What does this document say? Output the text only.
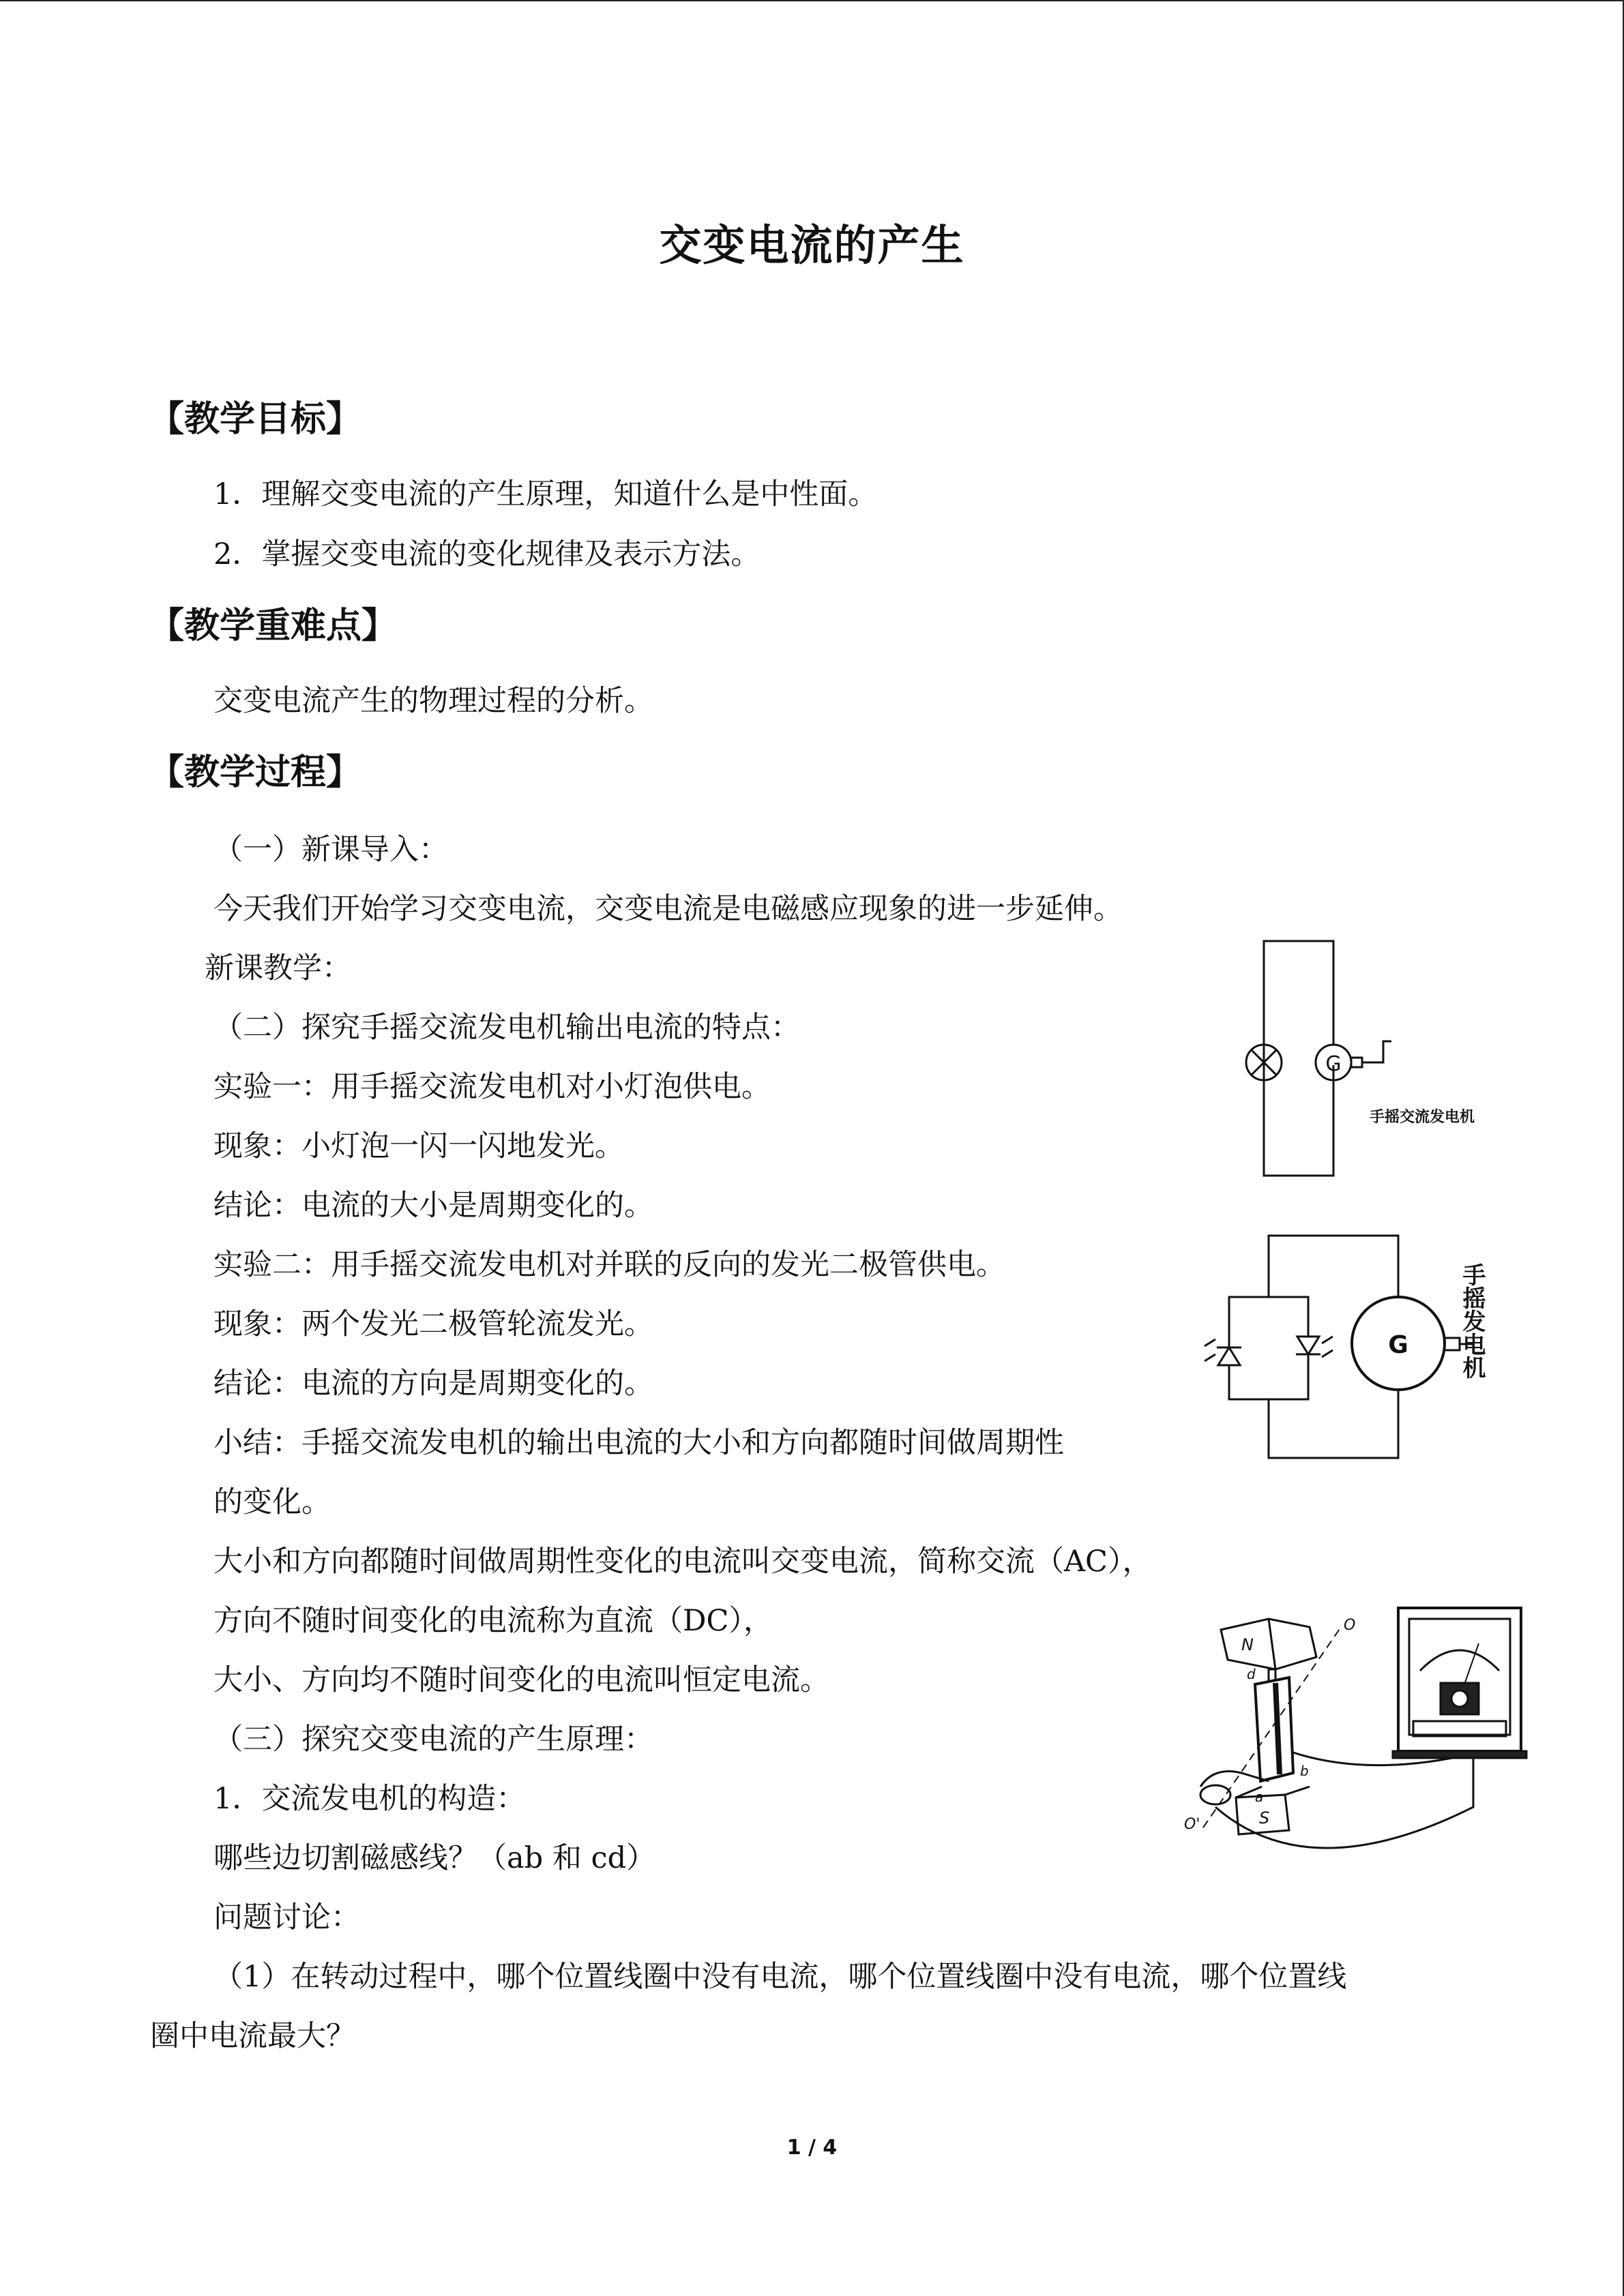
交变电流的产生
【教学目标】

1．理解交变电流的产生原理，知道什么是中性面。

2．掌握交变电流的变化规律及表示方法。

【教学重难点】

交变电流产生的物理过程的分析。

【教学过程】

（一）新课导入：

今天我们开始学习交变电流，交变电流是电磁感应现象的进一步延伸。

新课教学：

（二）探究手摇交流发电机输出电流的特点：

实验一：用手摇交流发电机对小灯泡供电。

现象：小灯泡一闪一闪地发光。

结论：电流的大小是周期变化的。

实验二：用手摇交流发电机对并联的反向的发光二极管供电。

现象：两个发光二极管轮流发光。

结论：电流的方向是周期变化的。

小结：手摇交流发电机的输出电流的大小和方向都随时间做周期性

的变化。

大小和方向都随时间做周期性变化的电流叫交变电流，简称交流（AC），

方向不随时间变化的电流称为直流（DC），

大小、方向均不随时间变化的电流叫恒定电流。

（三）探究交变电流的产生原理：

1．交流发电机的构造：

哪些边切割磁感线？（ab 和 cd）

问题讨论：

（1）在转动过程中，哪个位置线圈中没有电流，哪个位置线圈中没有电流，哪个位置线

圈中电流最大？

G
手摇交流发电机
G 手摇发电机
N
S
O
O'
d
b
a
1 / 4
